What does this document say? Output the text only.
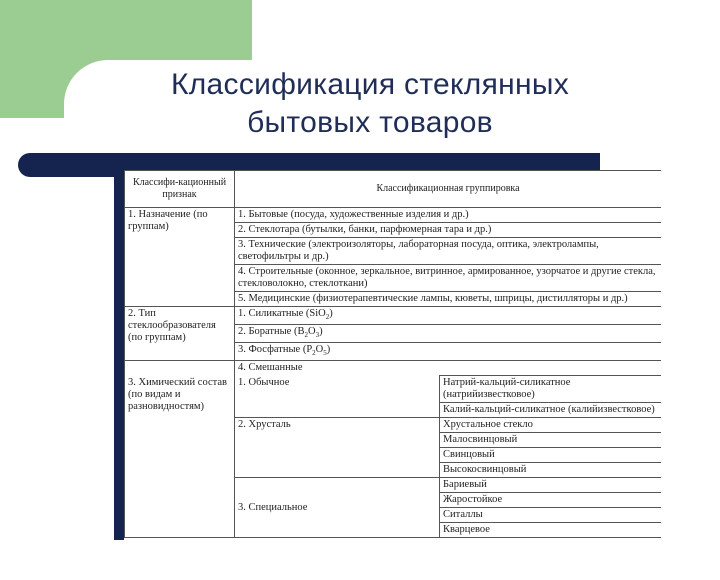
Классификация стеклянных
бытовых товаров
Классифи-кационный признак	Классификационная группировка	
1. Назначение (по группам)	1. Бытовые (посуда, художественные изделия и др.)	
	2. Стеклотара (бутылки, банки, парфюмерная тара и др.)	
	3. Технические (электроизоляторы, лабораторная посуда, оптика, электролампы, светофильтры и др.)	
	4. Строительные (оконное, зеркальное, витринное, армированное, узорчатое и другие стекла, стекловолокно, стеклоткани)	
	5. Медицинские (физиотерапевтические лампы, кюветы, шприцы, дистилляторы и др.)	
2. Тип стеклообразователя (по группам)	1. Силикатные (SiO$_2$)	
	2. Боратные $(B_2O_3)$	
	3. Фосфатные $(P_2O_5)$	
	4. Смешанные	
3. Химический состав (по видам и разновидностям)	1. Обычное	Натрий-кальций-силикатное (натрийизвестковое)
		Калий-кальций-силикатное (калийизвестковое)
	2. Хрусталь	Хрустальное стекло
		Малосвинцовый
		Свинцовый
		Высокосвинцовый
	3. Специальное	Бариевый
		Жаростойкое
		Ситаллы
		Кварцевое
